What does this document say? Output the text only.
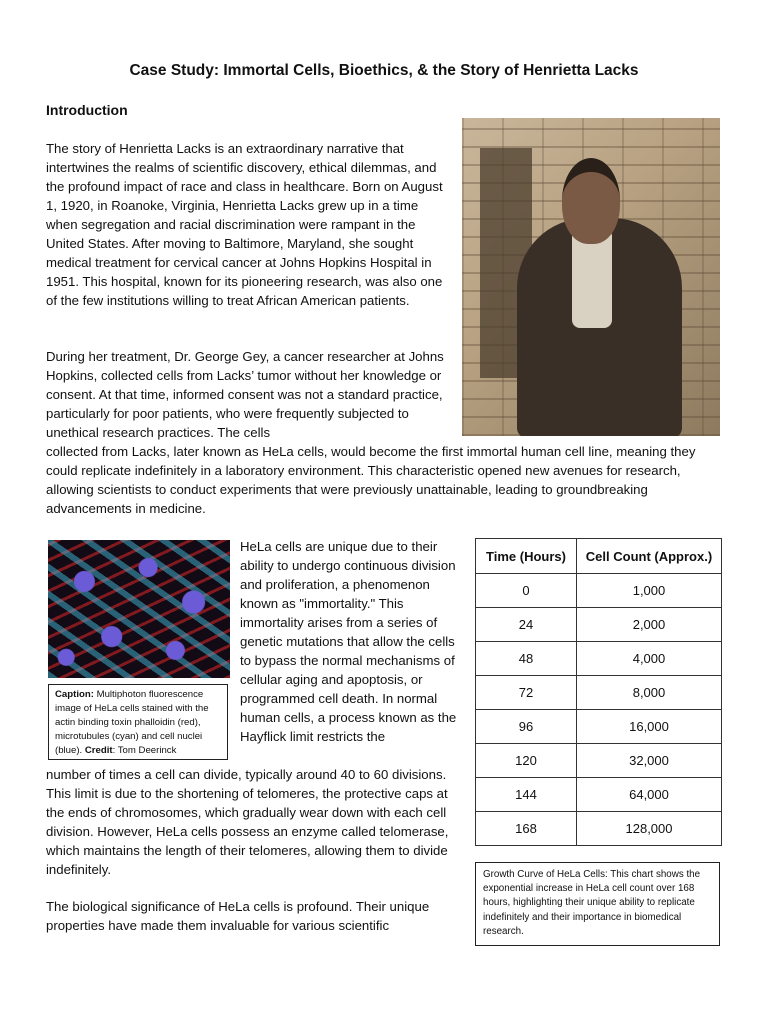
Case Study: Immortal Cells, Bioethics, & the Story of Henrietta Lacks
Introduction

The story of Henrietta Lacks is an extraordinary narrative that intertwines the realms of scientific discovery, ethical dilemmas, and the profound impact of race and class in healthcare. Born on August 1, 1920, in Roanoke, Virginia, Henrietta Lacks grew up in a time when segregation and racial discrimination were rampant in the United States. After moving to Baltimore, Maryland, she sought medical treatment for cervical cancer at Johns Hopkins Hospital in 1951. This hospital, known for its pioneering research, was also one of the few institutions willing to treat African American patients.

During her treatment, Dr. George Gey, a cancer researcher at Johns Hopkins, collected cells from Lacks’ tumor without her knowledge or consent. At that time, informed consent was not a standard practice, particularly for poor patients, who were frequently subjected to unethical research practices. The cells

collected from Lacks, later known as HeLa cells, would become the first immortal human cell line, meaning they could replicate indefinitely in a laboratory environment. This characteristic opened new avenues for research, allowing scientists to conduct experiments that were previously unattainable, leading to groundbreaking advancements in medicine.

Caption: Multiphoton fluorescence image of HeLa cells stained with the actin binding toxin phalloidin (red), microtubules (cyan) and cell nuclei (blue). Credit: Tom Deerinck

HeLa cells are unique due to their ability to undergo continuous division and proliferation, a phenomenon known as "immortality." This immortality arises from a series of genetic mutations that allow the cells to bypass the normal mechanisms of cellular aging and apoptosis, or programmed cell death. In normal human cells, a process known as the Hayflick limit restricts the

number of times a cell can divide, typically around 40 to 60 divisions. This limit is due to the shortening of telomeres, the protective caps at the ends of chromosomes, which gradually wear down with each cell division. However, HeLa cells possess an enzyme called telomerase, which maintains the length of their telomeres, allowing them to divide indefinitely.

The biological significance of HeLa cells is profound. Their unique properties have made them invaluable for various scientific

Time (Hours)	Cell Count (Approx.)
0	1,000
24	2,000
48	4,000
72	8,000
96	16,000
120	32,000
144	64,000
168	128,000
Growth Curve of HeLa Cells: This chart shows the exponential increase in HeLa cell count over 168 hours, highlighting their unique ability to replicate indefinitely and their importance in biomedical research.
